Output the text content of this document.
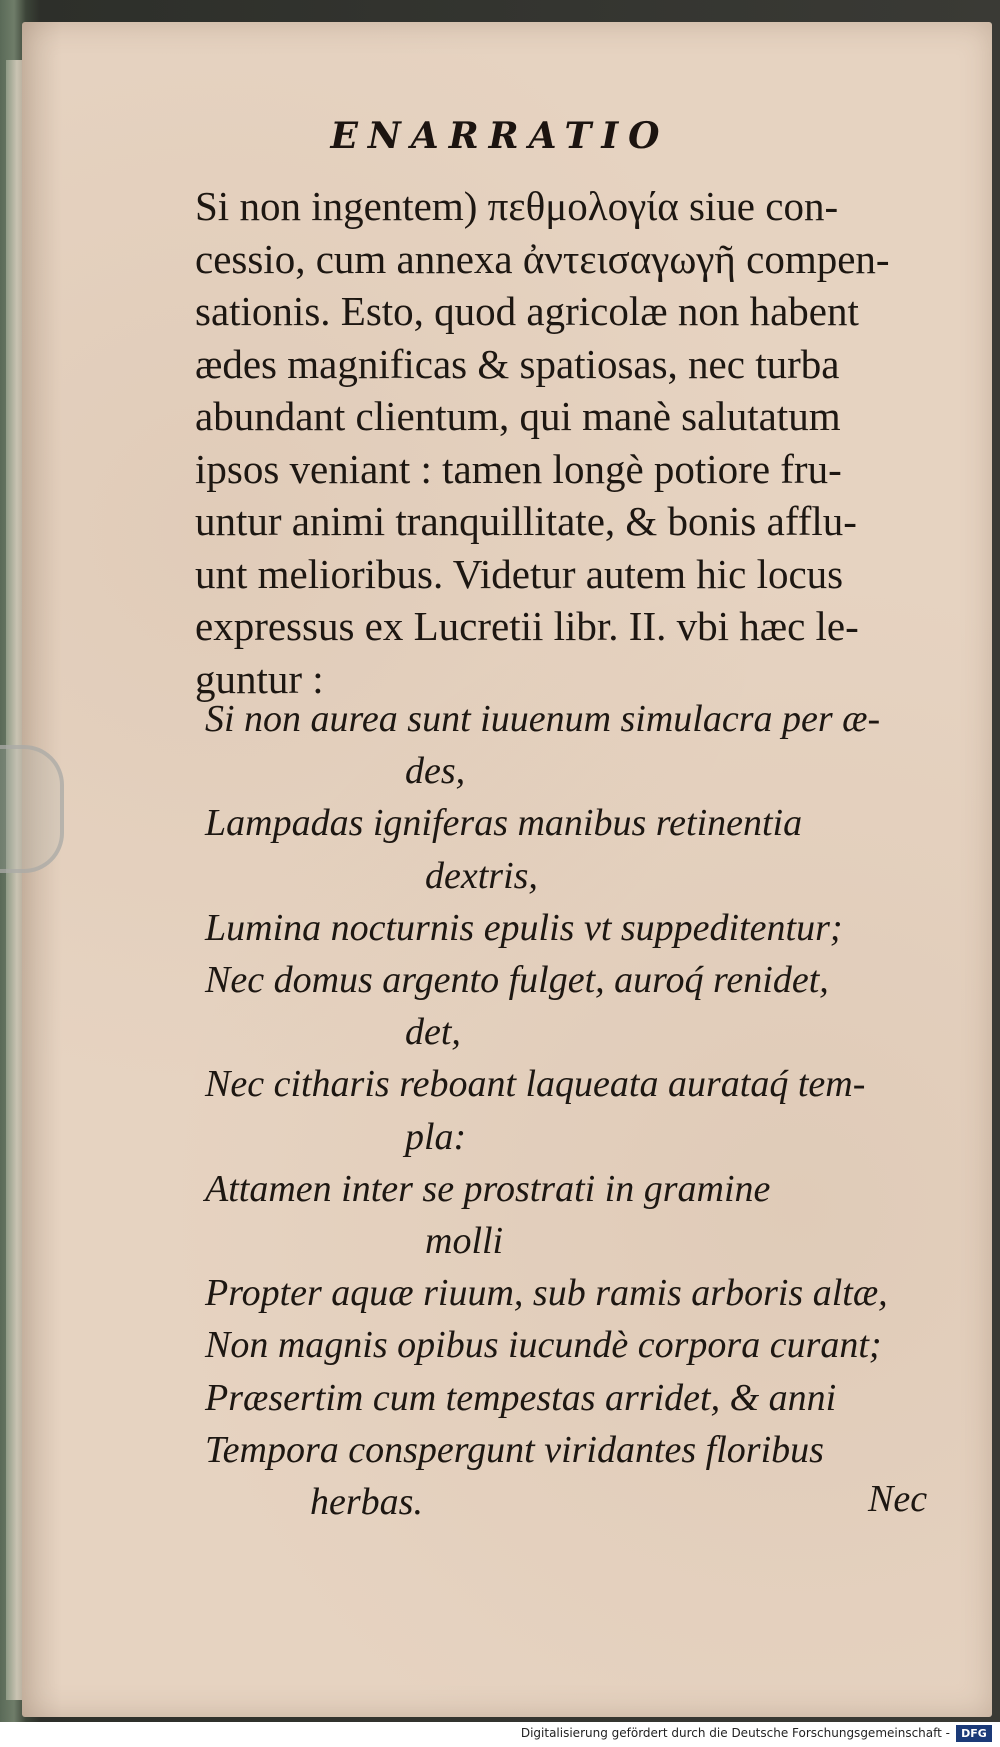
ENARRATIO
Si non ingentem) πεθμολογία siue con-
cessio, cum annexa ἀντεισαγωγῆ compen-
sationis. Esto, quod agricolæ non habent
ædes magnificas & spatiosas, nec turba
abundant clientum, qui manè salutatum
ipsos veniant : tamen longè potiore fru-
untur animi tranquillitate, & bonis afflu-
unt melioribus. Videtur autem hic locus
expressus ex Lucretii libr. II. vbi hæc le-
guntur :
Si non aurea sunt iuuenum simulacra per æ-
des,
Lampadas igniferas manibus retinentia
dextris,
Lumina nocturnis epulis vt suppeditentur;
Nec domus argento fulget, auroq́ renidet,
det,
Nec citharis reboant laqueata aurataq́ tem-
pla:
Attamen inter se prostrati in gramine
molli
Propter aquæ riuum, sub ramis arboris altæ,
Non magnis opibus iucundè corpora curant;
Præsertim cum tempestas arridet, & anni
Tempora conspergunt viridantes floribus
herbas.	Nec
Digitalisierung gefördert durch die Deutsche Forschungsgemeinschaft -	DFG
